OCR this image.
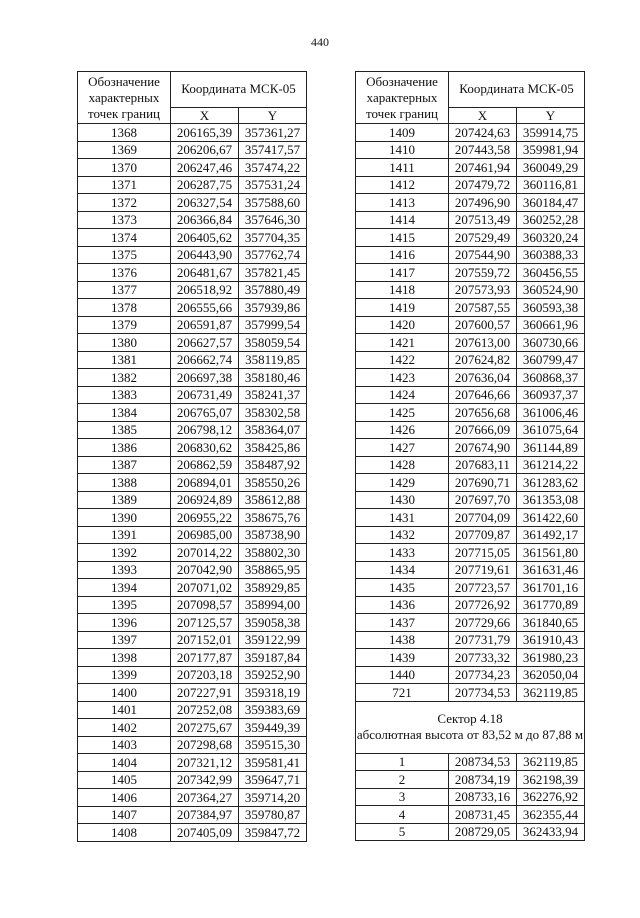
440
Обозначение характерных точек границ	Координата МСК-05	
	X	Y
1368	206165,39	357361,27
1369	206206,67	357417,57
1370	206247,46	357474,22
1371	206287,75	357531,24
1372	206327,54	357588,60
1373	206366,84	357646,30
1374	206405,62	357704,35
1375	206443,90	357762,74
1376	206481,67	357821,45
1377	206518,92	357880,49
1378	206555,66	357939,86
1379	206591,87	357999,54
1380	206627,57	358059,54
1381	206662,74	358119,85
1382	206697,38	358180,46
1383	206731,49	358241,37
1384	206765,07	358302,58
1385	206798,12	358364,07
1386	206830,62	358425,86
1387	206862,59	358487,92
1388	206894,01	358550,26
1389	206924,89	358612,88
1390	206955,22	358675,76
1391	206985,00	358738,90
1392	207014,22	358802,30
1393	207042,90	358865,95
1394	207071,02	358929,85
1395	207098,57	358994,00
1396	207125,57	359058,38
1397	207152,01	359122,99
1398	207177,87	359187,84
1399	207203,18	359252,90
1400	207227,91	359318,19
1401	207252,08	359383,69
1402	207275,67	359449,39
1403	207298,68	359515,30
1404	207321,12	359581,41
1405	207342,99	359647,71
1406	207364,27	359714,20
1407	207384,97	359780,87
1408	207405,09	359847,72
Обозначение характерных точек границ	Координата МСК-05	
	X	Y
1409	207424,63	359914,75
1410	207443,58	359981,94
1411	207461,94	360049,29
1412	207479,72	360116,81
1413	207496,90	360184,47
1414	207513,49	360252,28
1415	207529,49	360320,24
1416	207544,90	360388,33
1417	207559,72	360456,55
1418	207573,93	360524,90
1419	207587,55	360593,38
1420	207600,57	360661,96
1421	207613,00	360730,66
1422	207624,82	360799,47
1423	207636,04	360868,37
1424	207646,66	360937,37
1425	207656,68	361006,46
1426	207666,09	361075,64
1427	207674,90	361144,89
1428	207683,11	361214,22
1429	207690,71	361283,62
1430	207697,70	361353,08
1431	207704,09	361422,60
1432	207709,87	361492,17
1433	207715,05	361561,80
1434	207719,61	361631,46
1435	207723,57	361701,16
1436	207726,92	361770,89
1437	207729,66	361840,65
1438	207731,79	361910,43
1439	207733,32	361980,23
1440	207734,23	362050,04
721	207734,53	362119,85
Сектор 4.18
абсолютная высота от 83,52 м до 87,88 м		
1	208734,53	362119,85
2	208734,19	362198,39
3	208733,16	362276,92
4	208731,45	362355,44
5	208729,05	362433,94
